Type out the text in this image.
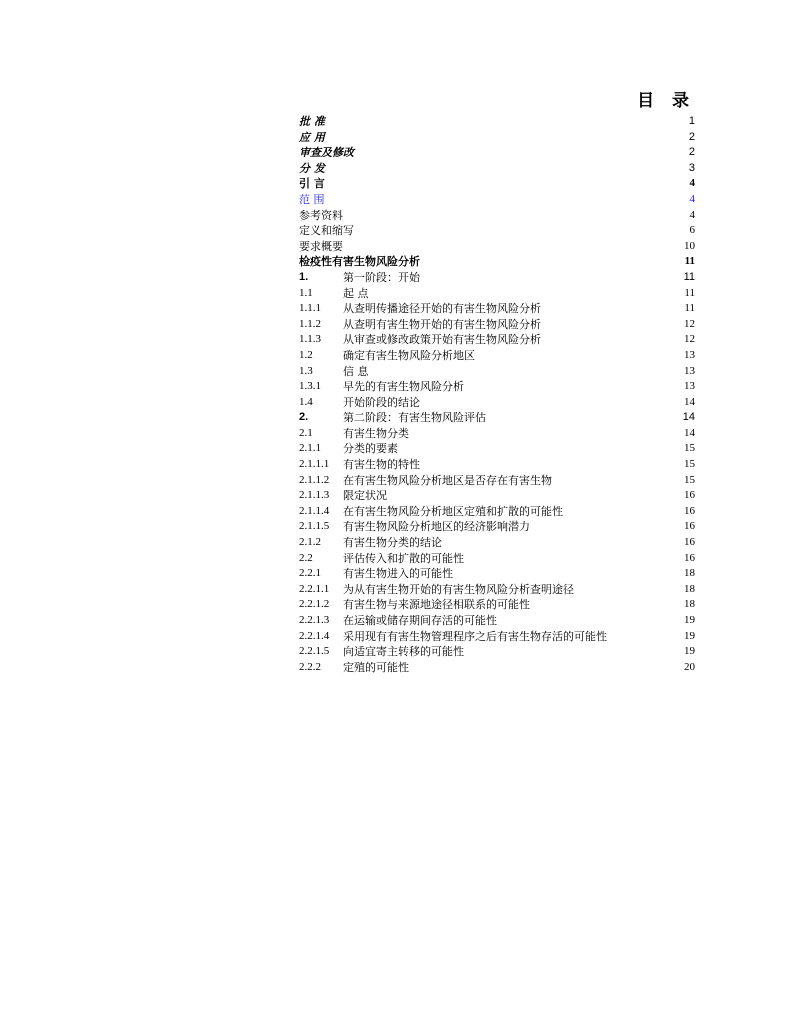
目 录
批 准	1
应 用	2
审查及修改	2
分 发	3
引 言	4
范 围	4
参考资料	4
定义和缩写	6
要求概要	10
检疫性有害生物风险分析	11
1.	第一阶段：开始	11
1.1	起 点	11
1.1.1 从查明传播途径开始的有害生物风险分析	11
1.1.2 从查明有害生物开始的有害生物风险分析	12
1.1.3 从审查或修改政策开始有害生物风险分析	12
1.2	确定有害生物风险分析地区	13
1.3	信 息	13
1.3.1 早先的有害生物风险分析	13
1.4	开始阶段的结论	14
2.	第二阶段：有害生物风险评估	14
2.1	有害生物分类	14
2.1.1 分类的要素	15
2.1.1.1 有害生物的特性	15
2.1.1.2 在有害生物风险分析地区是否存在有害生物	15
2.1.1.3 限定状况	16
2.1.1.4 在有害生物风险分析地区定殖和扩散的可能性	16
2.1.1.5 有害生物风险分析地区的经济影响潜力	16
2.1.2 有害生物分类的结论	16
2.2	评估传入和扩散的可能性	16
2.2.1 有害生物进入的可能性	18
2.2.1.1 为从有害生物开始的有害生物风险分析查明途径	18
2.2.1.2 有害生物与来源地途径相联系的可能性	18
2.2.1.3 在运输或储存期间存活的可能性	19
2.2.1.4 采用现有有害生物管理程序之后有害生物存活的可能性	19
2.2.1.5 向适宜寄主转移的可能性	19
2.2.2 定殖的可能性	20
